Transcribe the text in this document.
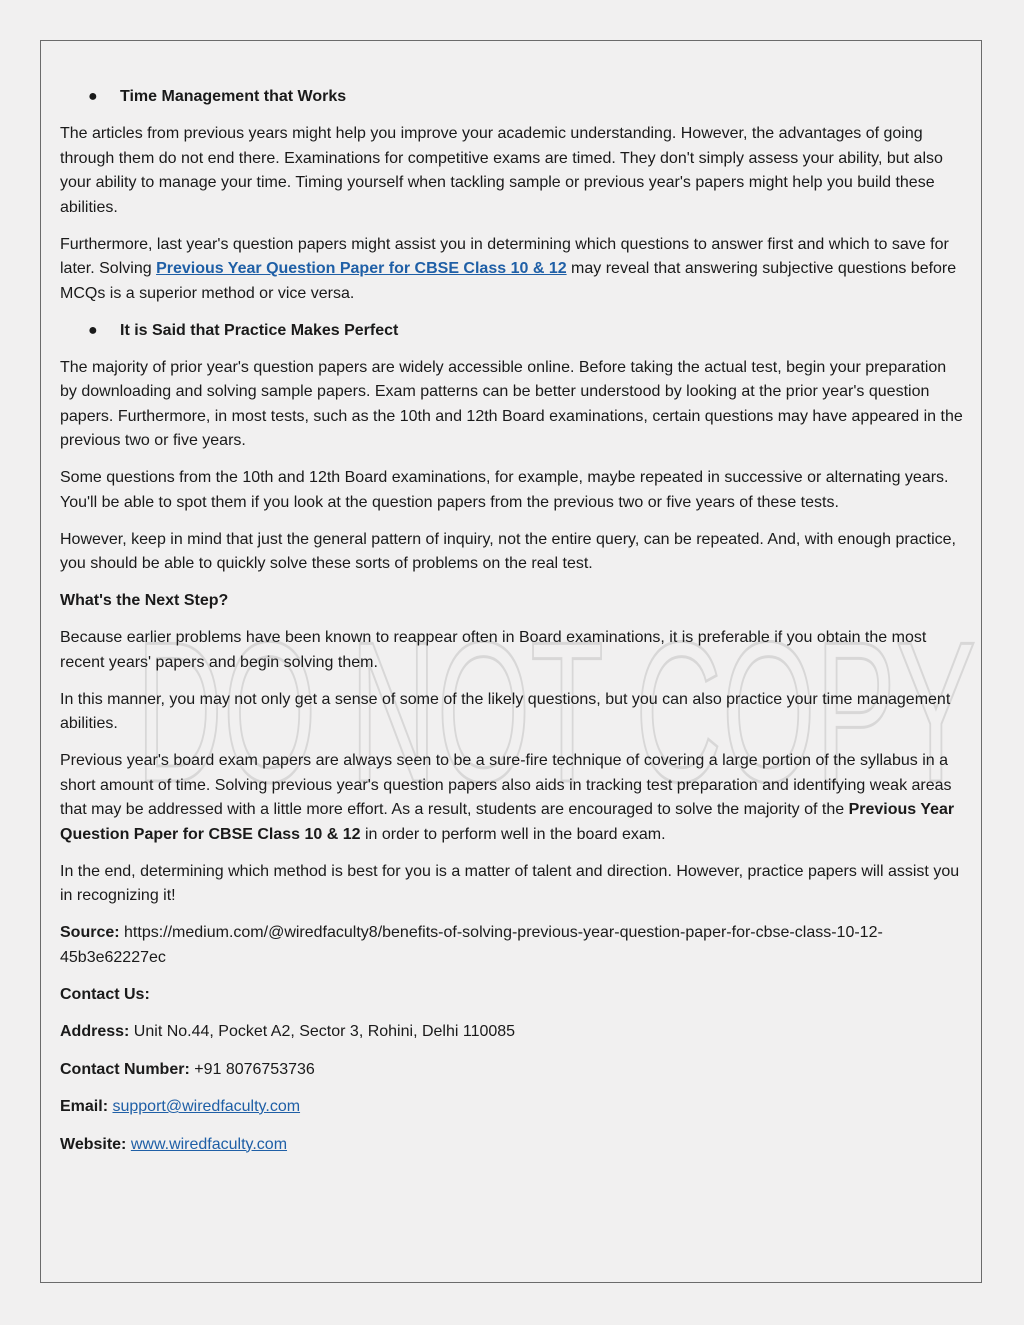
DO NOT COPY
●	Time Management that Works

The articles from previous years might help you improve your academic understanding. However, the advantages of going through them do not end there. Examinations for competitive exams are timed. They don't simply assess your ability, but also your ability to manage your time. Timing yourself when tackling sample or previous year's papers might help you build these abilities.

Furthermore, last year's question papers might assist you in determining which questions to answer first and which to save for later. Solving Previous Year Question Paper for CBSE Class 10 & 12 may reveal that answering subjective questions before MCQs is a superior method or vice versa.

●	It is Said that Practice Makes Perfect

The majority of prior year's question papers are widely accessible online. Before taking the actual test, begin your preparation by downloading and solving sample papers. Exam patterns can be better understood by looking at the prior year's question papers. Furthermore, in most tests, such as the 10th and 12th Board examinations, certain questions may have appeared in the previous two or five years.

Some questions from the 10th and 12th Board examinations, for example, maybe repeated in successive or alternating years. You'll be able to spot them if you look at the question papers from the previous two or five years of these tests.

However, keep in mind that just the general pattern of inquiry, not the entire query, can be repeated. And, with enough practice, you should be able to quickly solve these sorts of problems on the real test.

What's the Next Step?

Because earlier problems have been known to reappear often in Board examinations, it is preferable if you obtain the most recent years' papers and begin solving them.

In this manner, you may not only get a sense of some of the likely questions, but you can also practice your time management abilities.

Previous year's board exam papers are always seen to be a sure-fire technique of covering a large portion of the syllabus in a short amount of time. Solving previous year's question papers also aids in tracking test preparation and identifying weak areas that may be addressed with a little more effort. As a result, students are encouraged to solve the majority of the Previous Year Question Paper for CBSE Class 10 & 12 in order to perform well in the board exam.

In the end, determining which method is best for you is a matter of talent and direction. However, practice papers will assist you in recognizing it!

Source: https://medium.com/@wiredfaculty8/benefits-of-solving-previous-year-question-paper-for-cbse-class-10-12-45b3e62227ec

Contact Us:

Address: Unit No.44, Pocket A2, Sector 3, Rohini, Delhi 110085

Contact Number: +91 8076753736

Email: support@wiredfaculty.com

Website: www.wiredfaculty.com
